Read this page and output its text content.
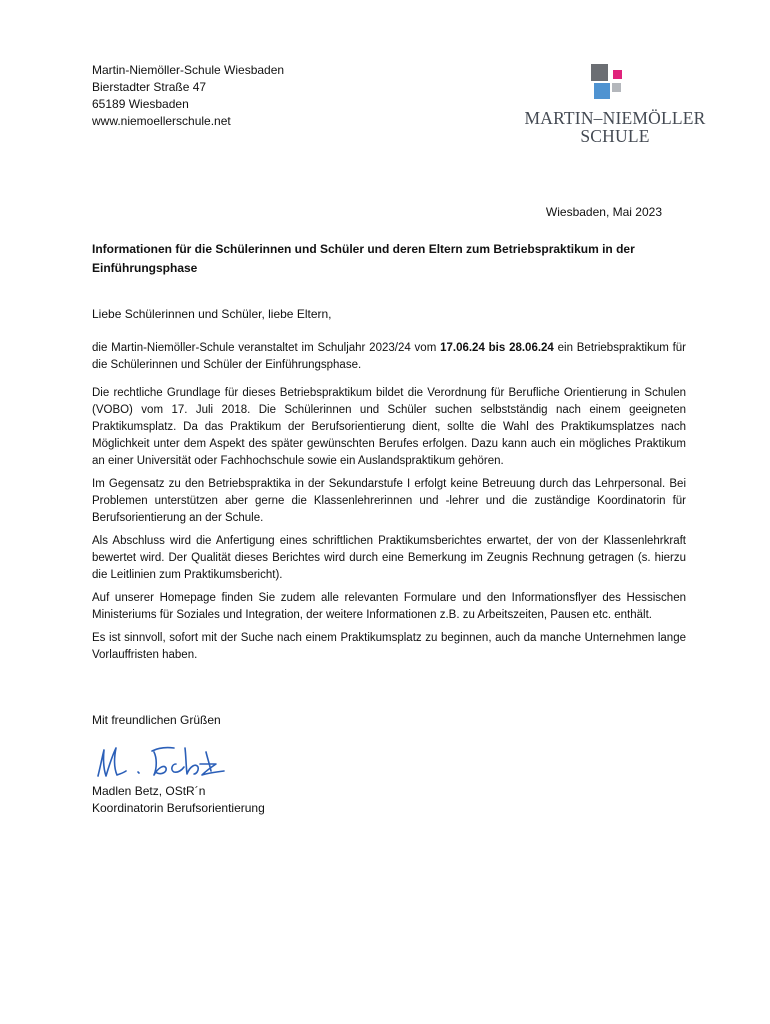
Martin-Niemöller-Schule Wiesbaden
Bierstadter Straße 47
65189 Wiesbaden
www.niemoellerschule.net	MARTIN–NIEMÖLLER
SCHULE
Wiesbaden, Mai 2023
Informationen für die Schülerinnen und Schüler und deren Eltern zum Betriebspraktikum in der Einführungsphase
Liebe Schülerinnen und Schüler, liebe Eltern,

die Martin-Niemöller-Schule veranstaltet im Schuljahr 2023/24 vom 17.06.24 bis 28.06.24 ein Betriebspraktikum für die Schülerinnen und Schüler der Einführungsphase.

Die rechtliche Grundlage für dieses Betriebspraktikum bildet die Verordnung für Berufliche Orientierung in Schulen (VOBO) vom 17. Juli 2018. Die Schülerinnen und Schüler suchen selbstständig nach einem geeigneten Praktikumsplatz. Da das Praktikum der Berufsorientierung dient, sollte die Wahl des Praktikumsplatzes nach Möglichkeit unter dem Aspekt des später gewünschten Berufes erfolgen. Dazu kann auch ein mögliches Praktikum an einer Universität oder Fachhochschule sowie ein Auslandspraktikum gehören.

Im Gegensatz zu den Betriebspraktika in der Sekundarstufe I erfolgt keine Betreuung durch das Lehrpersonal. Bei Problemen unterstützen aber gerne die Klassenlehrerinnen und -lehrer und die zuständige Koordinatorin für Berufsorientierung an der Schule.

Als Abschluss wird die Anfertigung eines schriftlichen Praktikumsberichtes erwartet, der von der Klassenlehrkraft bewertet wird. Der Qualität dieses Berichtes wird durch eine Bemerkung im Zeugnis Rechnung getragen (s. hierzu die Leitlinien zum Praktikumsbericht).

Auf unserer Homepage finden Sie zudem alle relevanten Formulare und den Informationsflyer des Hessischen Ministeriums für Soziales und Integration, der weitere Informationen z.B. zu Arbeitszeiten, Pausen etc. enthält.

Es ist sinnvoll, sofort mit der Suche nach einem Praktikumsplatz zu beginnen, auch da manche Unternehmen lange Vorlauffristen haben.

Mit freundlichen Grüßen
Madlen Betz, OStR´n
Koordinatorin Berufsorientierung
